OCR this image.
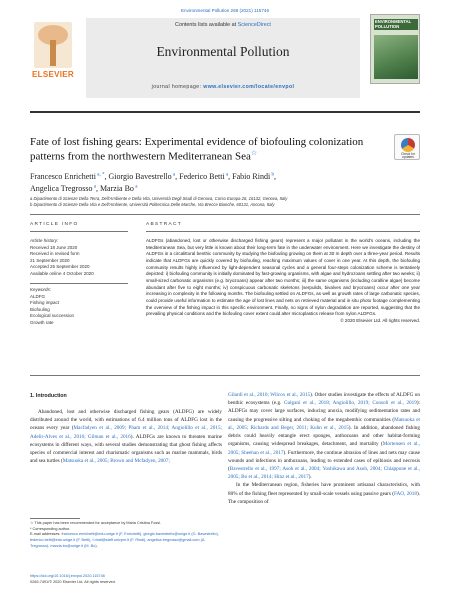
Environmental Pollution 268 (2021) 115746
ELSEVIER
Contents lists available at ScienceDirect
Environmental Pollution
journal homepage: www.elsevier.com/locate/envpol
ENVIRONMENTAL POLLUTION
Fate of lost fishing gears: Experimental evidence of biofouling colonization patterns from the northwestern Mediterranean Sea☆	Check for updates
Francesco Enrichetti $^{a, *}$, Giorgio Bavestrello $^a$, Federico Betti $^a$, Fabio Rindi $^b$,
Angelica Tregrosso $^a$, Marzia Bo $^a$
a Dipartimento di Scienze Della Terra, Dell'Ambiente e Della Vita, Università Degli Studi di Genova, Corso Europa 26, 16132, Genova, Italy
b Dipartimento di Scienze Della Vita e Dell'Ambiente, Università Politecnica Delle Marche, Via Brecce Bianche, 60131, Ancona, Italy
ARTICLE INFO	ABSTRACT
Article history:
Received 18 June 2020
Received in revised form
21 September 2020
Accepted 25 September 2020
Available online 4 October 2020
Keywords:
ALDFG
Fishing impact
Biofouling
Ecological succession
Growth rate
ALDFGs (abandoned, lost or otherwise discharged fishing gears) represent a major pollutant in the world's oceans, including the Mediterranean Sea, but very little is known about their long-term fate in the underwater environment. Here we investigate the destiny of ALDFGs in a circalittoral benthic community by studying the biofouling growing on them at 30 m depth over a three-year period. Results indicate that ALDFGs are quickly covered by biofouling, reaching maximum values of cover in one year. At this depth, the biofouling community results highly influenced by light-dependent seasonal cycles and a general four-steps colonization scheme is tentatively depicted: i) biofouling community is initially dominated by fast-growing organisms, with algae and hydrozoans settling after two weeks; ii) small-sized carbonatic organisms (e.g. bryozoans) appear after two months; iii) the same organisms (including coralline algae) become abundant after five to eight months; iv) conspicuous carbonatic skeletons (serpulids, bivalves and bryozoans) occur after one year increasing in complexity in the following months. The biofouling settled on ALDFGs, as well as growth rates of large carbonatic species, could provide useful information to estimate the age of lost lines and nets on retrieved material and in situ photo footage complementing the overview of the fishing impact in this specific environment. Finally, no signs of nylon degradation are reported, suggesting that the prevailing physical conditions and the biofouling cover extent could alter microplastics release from nylon ALDFGs.
© 2020 Elsevier Ltd. All rights reserved.
1. Introduction
Abandoned, lost and otherwise discharged fishing gears (ALDFG) are widely distributed around the world, with estimations of 6.4 million tons of ALDFG lost in the oceans every year (Macfadyen et al., 2009; Pham et al., 2014; Angiolillo et al., 2015; Adelir-Alves et al., 2016; Gilman et al., 2016). ALDFGs are known to threaten marine ecosystems in different ways, with several studies demonstrating that ghost fishing affects species of commercial interest and charismatic organisms such as marine mammals, birds and sea turtles (Matsuoka et al., 2005; Brown and Mcfadyen, 2007;
Gilardi et al., 2010; Wilcox et al., 2015). Other studies investigate the effects of ALDFG on benthic ecosystems (e.g. Galgani et al., 2018; Angiolillo, 2019; Consoli et al., 2019): ALDFGs may cover large surfaces, inducing anoxia, modifying sedimentation rates and causing the progressive silting and choking of the megabenthic communities (Matsuoka et al., 2005; Richards and Beger, 2011; Kuhn et al., 2015). In addition, abandoned fishing debris could heavily entangle erect sponges, anthozoans and other habitat-forming organisms, causing widespread breakages, detachment, and mortality (Mortensen et al., 2005; Sheehan et al., 2017). Furthermore, the continue abrasion of lines and nets may cause wounds and infections in anthozoans, leading to extended cases of epibiosis and necrosis (Bavestrello et al., 1997; Asoh et al., 2004; Yoshikawa and Asoh, 2004; Chiappone et al., 2005; Bo et al., 2014; Hinz et al., 2017).
In the Mediterranean region, fisheries have prominent artisanal characteristics, with 80% of the fishing fleet represented by small-scale vessels using passive gears (FAO, 2018). The composition of
☆ This paper has been recommended for acceptance by Maria Cristina Fossi.
* Corresponding author.
E-mail addresses: francesco.enrichetti@edu.unige.it (F. Enrichetti), giorgio.bavestrello@unige.it (G. Bavestrello), federico.betti@edu.unige.it (F. Betti), f.rindi@staff.univpm.it (F. Rindi), angelica.tregrosso@gmail.com (A. Tregrosso), marzia.bo@unige.it (M. Bo).
https://doi.org/10.1016/j.envpol.2020.115746
0269-7491/© 2020 Elsevier Ltd. All rights reserved.
